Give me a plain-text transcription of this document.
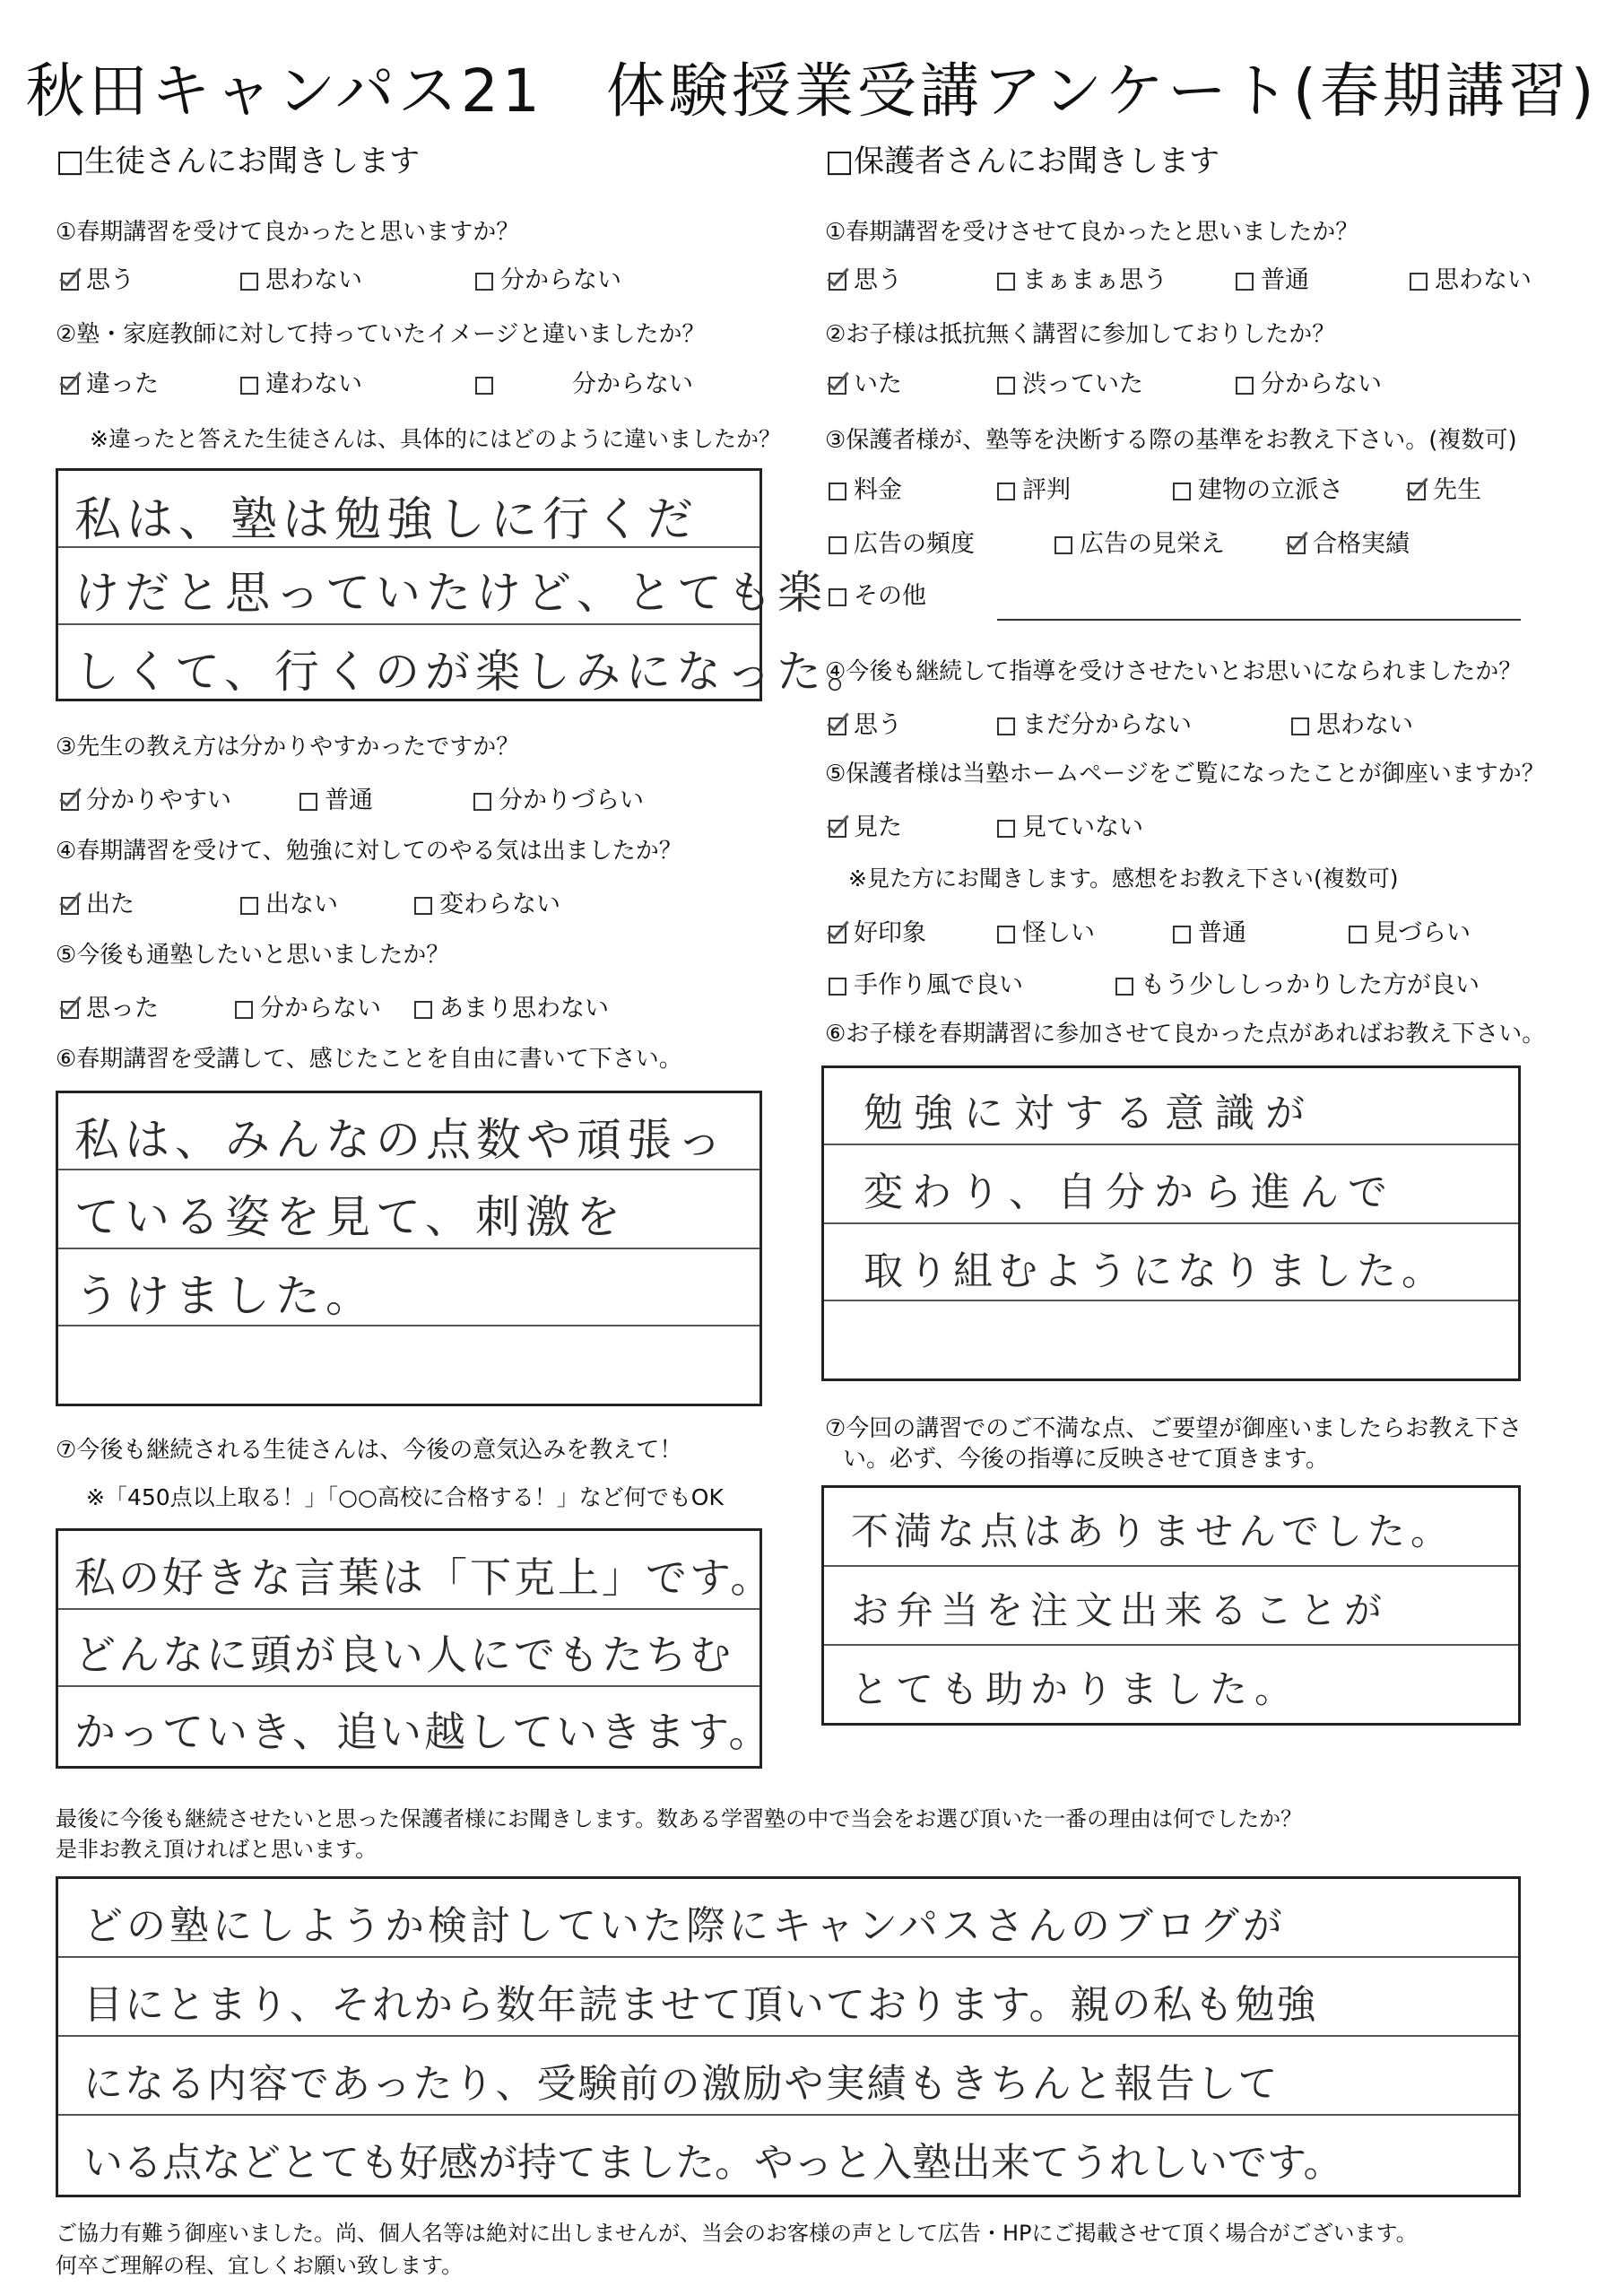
秋田キャンパス21　体験授業受講アンケート(春期講習)
□生徒さんにお聞きします
①春期講習を受けて良かったと思いますか？
思う	思わない	分からない
②塾・家庭教師に対して持っていたイメージと違いましたか？
違った	違わない	分からない
※違ったと答えた生徒さんは、具体的にはどのように違いましたか？
私は、塾は勉強しに行くだ
けだと思っていたけど、とても楽
しくて、行くのが楽しみになった。
③先生の教え方は分かりやすかったですか？
分かりやすい	普通	分かりづらい
④春期講習を受けて、勉強に対してのやる気は出ましたか？
出た	出ない	変わらない
⑤今後も通塾したいと思いましたか？
思った	分からない	あまり思わない
⑥春期講習を受講して、感じたことを自由に書いて下さい。
私は、みんなの点数や頑張っ
ている姿を見て、刺激を
うけました。
⑦今後も継続される生徒さんは、今後の意気込みを教えて！
※「450点以上取る！」「○○高校に合格する！」など何でもOK
私の好きな言葉は「下克上」です。
どんなに頭が良い人にでもたちむ
かっていき、追い越していきます。
□保護者さんにお聞きします
①春期講習を受けさせて良かったと思いましたか？
思う	まぁまぁ思う	普通	思わない
②お子様は抵抗無く講習に参加しておりしたか？
いた	渋っていた	分からない
③保護者様が、塾等を決断する際の基準をお教え下さい。(複数可)
料金	評判	建物の立派さ	先生
広告の頻度	広告の見栄え	合格実績
その他
④今後も継続して指導を受けさせたいとお思いになられましたか？
思う	まだ分からない	思わない
⑤保護者様は当塾ホームページをご覧になったことが御座いますか？
見た	見ていない
※見た方にお聞きします。感想をお教え下さい(複数可)
好印象	怪しい	普通	見づらい
手作り風で良い	もう少ししっかりした方が良い
⑥お子様を春期講習に参加させて良かった点があればお教え下さい。
勉強に対する意識が
変わり、自分から進んで
取り組むようになりました。
⑦今回の講習でのご不満な点、ご要望が御座いましたらお教え下さ
い。必ず、今後の指導に反映させて頂きます。
不満な点はありませんでした。
お弁当を注文出来ることが
とても助かりました。
最後に今後も継続させたいと思った保護者様にお聞きします。数ある学習塾の中で当会をお選び頂いた一番の理由は何でしたか？
是非お教え頂ければと思います。
どの塾にしようか検討していた際にキャンパスさんのブログが
目にとまり、それから数年読ませて頂いております。親の私も勉強
になる内容であったり、受験前の激励や実績もきちんと報告して
いる点などとても好感が持てました。やっと入塾出来てうれしいです。
ご協力有難う御座いました。尚、個人名等は絶対に出しませんが、当会のお客様の声として広告・HPにご掲載させて頂く場合がございます。
何卒ご理解の程、宜しくお願い致します。
